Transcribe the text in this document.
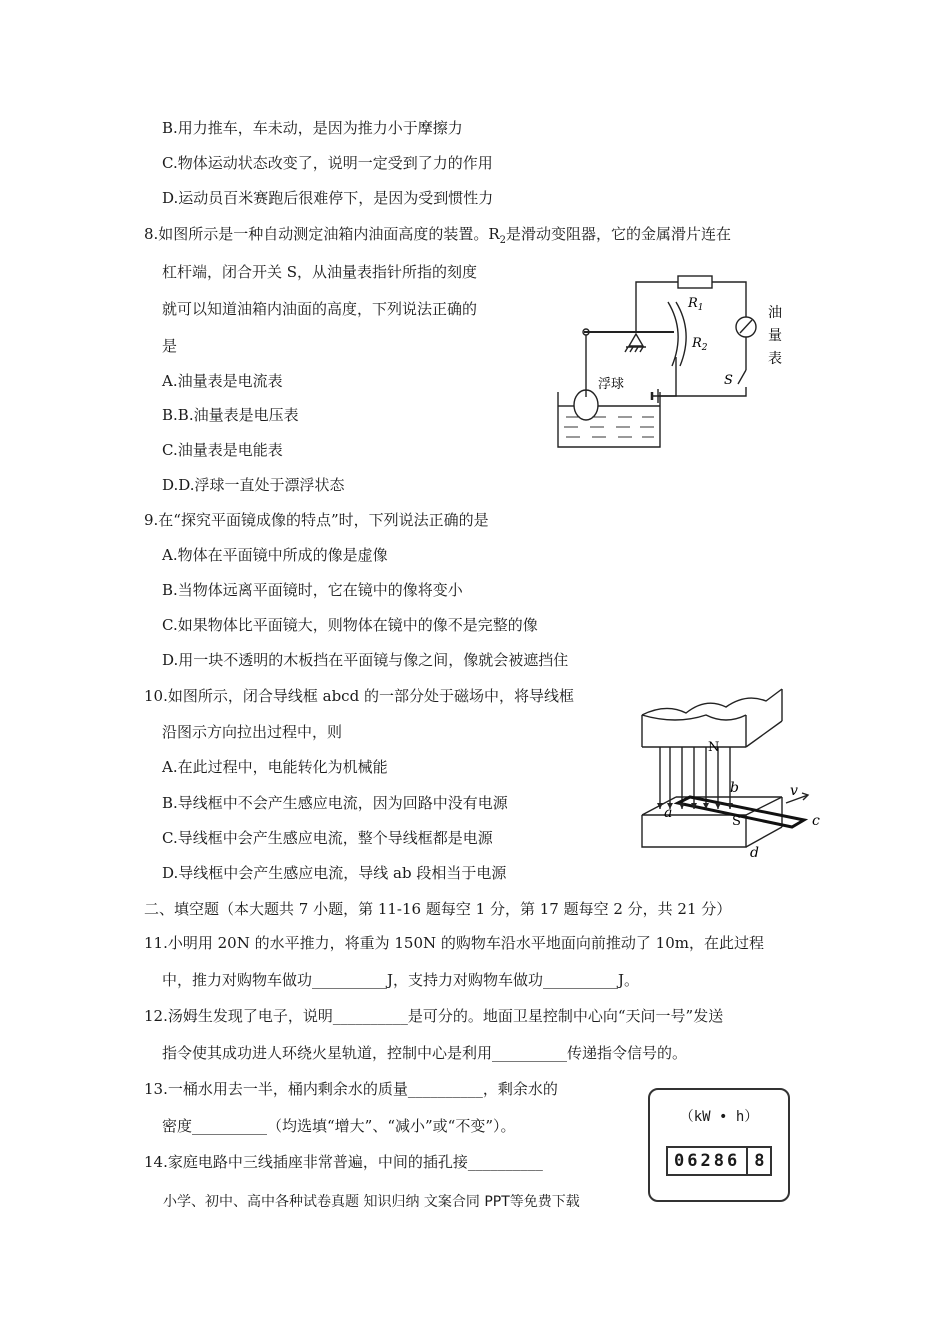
B.用力推车，车未动，是因为推力小于摩擦力
C.物体运动状态改变了，说明一定受到了力的作用
D.运动员百米赛跑后很难停下，是因为受到惯性力
8.如图所示是一种自动测定油箱内油面高度的装置。$R_2$是滑动变阻器，它的金属滑片连在
杠杆端，闭合开关 S，从油量表指针所指的刻度
就可以知道油箱内油面的高度，下列说法正确的
是
A.油量表是电流表
B.B.油量表是电压表
C.油量表是电能表
D.D.浮球一直处于漂浮状态
$R_1$
$R_2$
油
量
表
S
浮球
9.在“探究平面镜成像的特点”时，下列说法正确的是
A.物体在平面镜中所成的像是虚像
B.当物体远离平面镜时，它在镜中的像将变小
C.如果物体比平面镜大，则物体在镜中的像不是完整的像
D.用一块不透明的木板挡在平面镜与像之间，像就会被遮挡住
10.如图所示，闭合导线框 abcd 的一部分处于磁场中，将导线框
沿图示方向拉出过程中，则
A.在此过程中，电能转化为机械能
B.导线框中不会产生感应电流，因为回路中没有电源
C.导线框中会产生感应电流，整个导线框都是电源
D.导线框中会产生感应电流，导线 ab 段相当于电源
N
S
a
b
c
d
v
二、填空题（本大题共 7 小题，第 11-16 题每空 1 分，第 17 题每空 2 分，共 21 分）
11.小明用 20N 的水平推力，将重为 150N 的购物车沿水平地面向前推动了 10m，在此过程
中，推力对购物车做功__________J，支持力对购物车做功__________J。
12.汤姆生发现了电子，说明__________是可分的。地面卫星控制中心向“天问一号”发送
指令使其成功进人环绕火星轨道，控制中心是利用__________传递指令信号的。
13.一桶水用去一半，桶内剩余水的质量__________，剩余水的
密度__________（均选填“增大”、“减小”或“不变”）。
14.家庭电路中三线插座非常普遍，中间的插孔接__________
（kW • h）
06286 8
小学、初中、高中各种试卷真题 知识归纳 文案合同 PPT等免费下载
